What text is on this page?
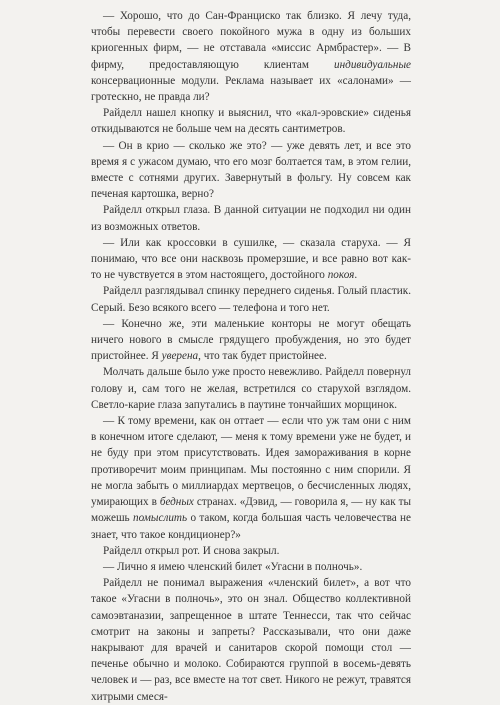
— Хорошо, что до Сан-Франциско так близко. Я лечу туда, чтобы перевести своего покойного мужа в одну из больших криогенных фирм, — не отставала «миссис Армбрастер». — В фирму, предоставляющую клиентам индивидуальные консервационные модули. Реклама называет их «салонами» — гротескно, не правда ли?

Райделл нашел кнопку и выяснил, что «кал-эровские» сиденья откидываются не больше чем на десять сантиметров.

— Он в крио — сколько же это? — уже девять лет, и все это время я с ужасом думаю, что его мозг болтается там, в этом гелии, вместе с сотнями других. Завернутый в фольгу. Ну совсем как печеная картошка, верно?

Райделл открыл глаза. В данной ситуации не подходил ни один из возможных ответов.

— Или как кроссовки в сушилке, — сказала старуха. — Я понимаю, что все они насквозь промерзшие, и все равно вот как-то не чувствуется в этом настоящего, достойного покоя.

Райделл разглядывал спинку переднего сиденья. Голый пластик. Серый. Безо всякого всего — телефона и того нет.

— Конечно же, эти маленькие конторы не могут обещать ничего нового в смысле грядущего пробуждения, но это будет пристойнее. Я уверена, что так будет пристойнее.

Молчать дальше было уже просто невежливо. Райделл повернул голову и, сам того не желая, встретился со старухой взглядом. Светло-карие глаза запутались в паутине тончайших морщинок.

— К тому времени, как он оттает — если что уж там они с ним в конечном итоге сделают, — меня к тому времени уже не будет, и не буду при этом присутствовать. Идея замораживания в корне противоречит моим принципам. Мы постоянно с ним спорили. Я не могла забыть о миллиардах мертвецов, о бесчисленных людях, умирающих в бедных странах. «Дэвид, — говорила я, — ну как ты можешь помыслить о таком, когда большая часть человечества не знает, что такое кондиционер?»

Райделл открыл рот. И снова закрыл.

— Лично я имею членский билет «Угасни в полночь».

Райделл не понимал выражения «членский билет», а вот что такое «Угасни в полночь», это он знал. Общество коллективной самоэвтаназии, запрещенное в штате Теннесси, так что сейчас смотрит на законы и запреты? Рассказывали, что они даже накрывают для врачей и санитаров скорой помощи стол — печенье обычно и молоко. Собираются группой в восемь-девять человек и — раз, все вместе на тот свет. Никого не режут, травятся хитрыми смеся-
